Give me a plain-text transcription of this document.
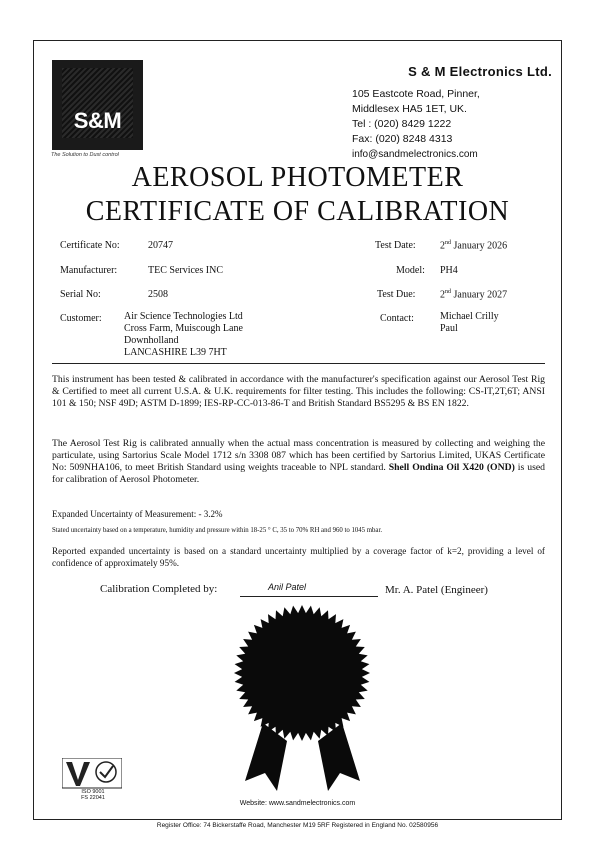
S&M
The Solution to Dust control
S & M Electronics Ltd.
105 Eastcote Road, Pinner,
Middlesex HA5 1ET, UK.
Tel : (020) 8429 1222
Fax: (020) 8248 4313
info@sandmelectronics.com
AEROSOL PHOTOMETER
CERTIFICATE OF CALIBRATION
Certificate No:	20747	Test Date: 2nd January 2026
Manufacturer:	TEC Services INC	Model: PH4
Serial No:	2508	Test Due: 2nd January 2027
Customer: Air Science Technologies Ltd
Cross Farm, Muiscough Lane
Downholland
LANCASHIRE L39 7HT
Contact:	Michael Crilly
Paul
This instrument has been tested & calibrated in accordance with the manufacturer's specification against our Aerosol Test Rig & Certified to meet all current U.S.A. & U.K. requirements for filter testing. This includes the following: CS-IT,2T,6T; ANSI 101 & 150; NSF 49D; ASTM D-1899; IES-RP-CC-013-86-T and British Standard BS5295 & BS EN 1822.
The Aerosol Test Rig is calibrated annually when the actual mass concentration is measured by collecting and weighing the particulate, using Sartorius Scale Model 1712 s/n 3308 087 which has been certified by Sartorius Limited, UKAS Certificate No: 509NHA106, to meet British Standard using weights traceable to NPL standard. Shell Ondina Oil X420 (OND) is used for calibration of Aerosol Photometer.
Expanded Uncertainty of Measurement: - 3.2%
Stated uncertainty based on a temperature, humidity and pressure within 18-25 ° C, 35 to 70% RH and 960 to 1045 mbar.
Reported expanded uncertainty is based on a standard uncertainty multiplied by a coverage factor of k=2, providing a level of confidence of approximately 95%.
Calibration Completed by:	Anil Patel	Mr. A. Patel (Engineer)
ISO 9001
FS 22041
Website: www.sandmelectronics.com
Register Office: 74 Bickerstaffe Road, Manchester M19 5RF Registered in England No. 02580956
